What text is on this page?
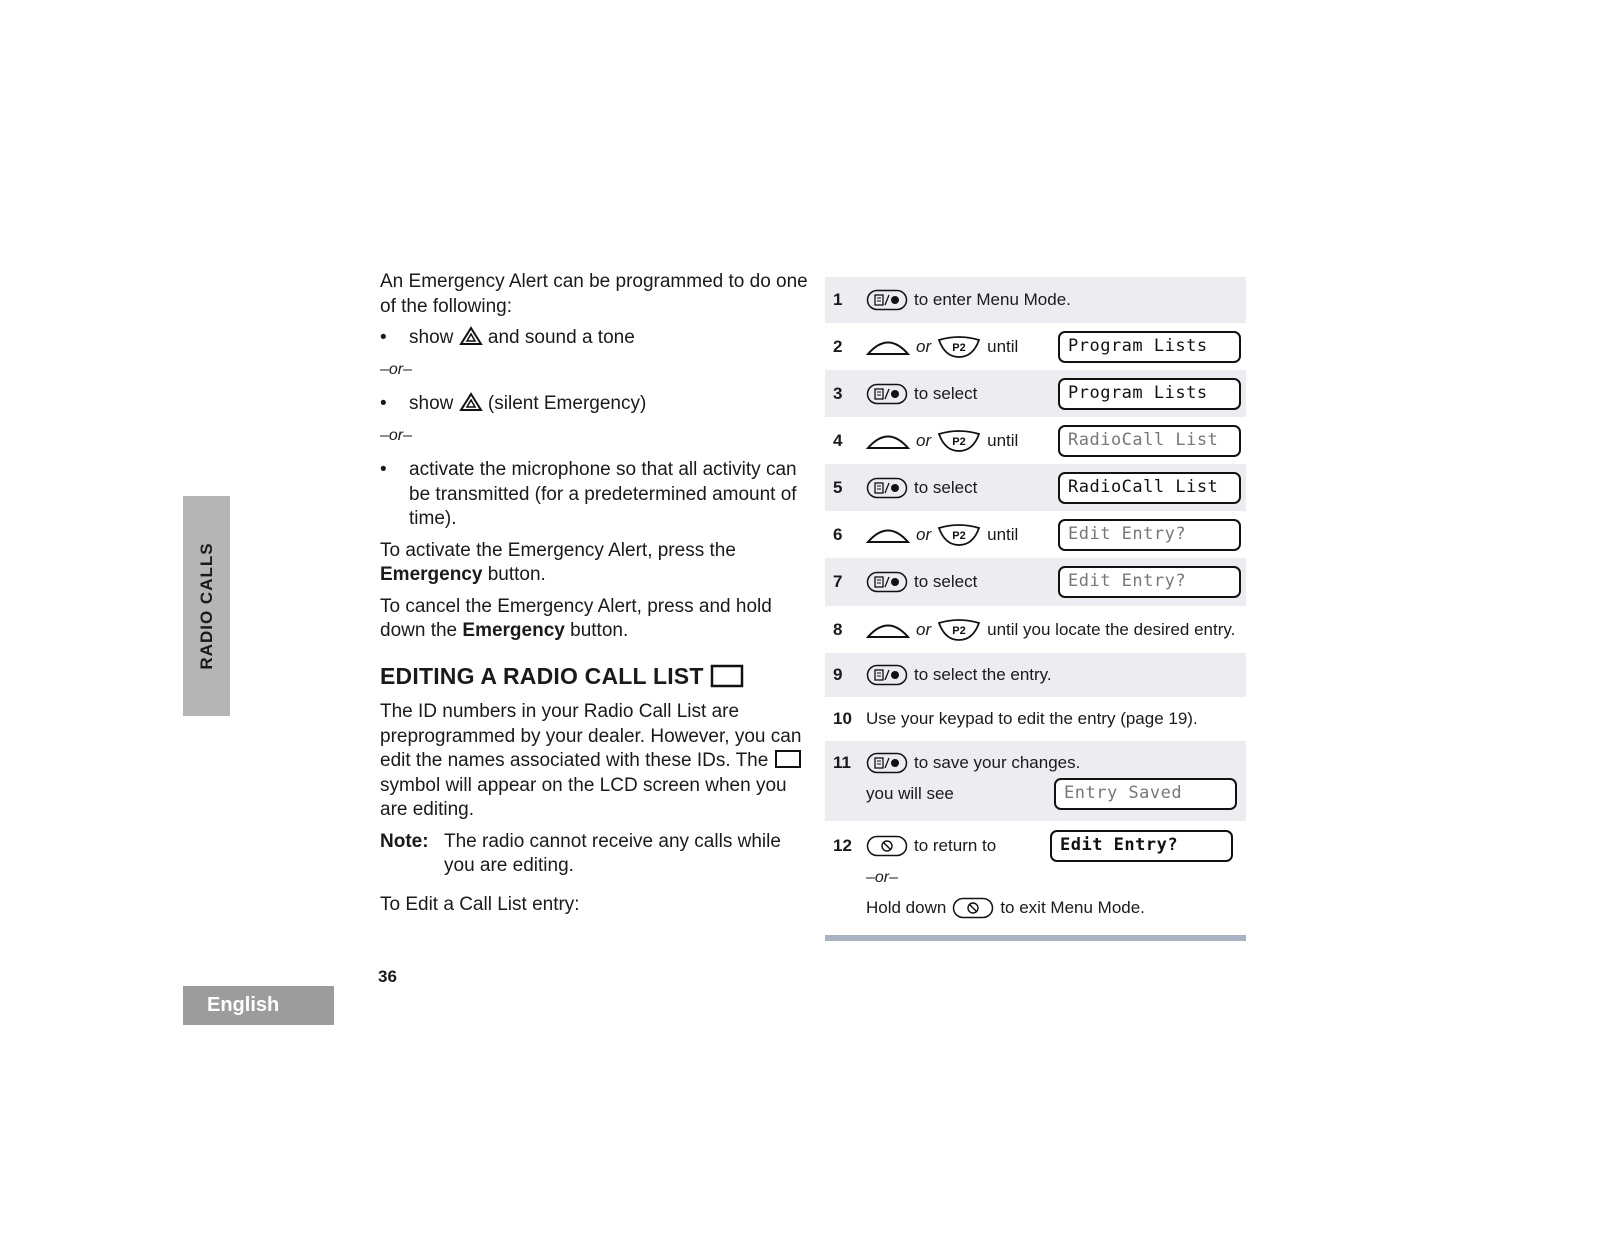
RADIO CALLS
English
36

An Emergency Alert can be programmed to do one of the following:

• show and sound a tone
–or–
• show (silent Emergency)
–or–
• activate the microphone so that all activity can be transmitted (for a predetermined amount of time).

To activate the Emergency Alert, press the Emergency button.

To cancel the Emergency Alert, press and hold down the Emergency button.

EDITING A RADIO CALL LIST

The ID numbers in your Radio Call List are preprogrammed by your dealer. However, you can edit the names associated with these IDs. The  symbol will appear on the LCD screen when you are editing.

Note: The radio cannot receive any calls while you are editing.

To Edit a Call List entry:

1	to enter Menu Mode.
2	or P2 until	Program Lists
3	to select	Program Lists
4	or P2 until	RadioCall List
5	to select	RadioCall List
6	or P2 until	Edit Entry?
7	to select	Edit Entry?
8	or P2 until you locate the desired entry.
9	to select the entry.
10 Use your keypad to edit the entry (page 19).
11	to save your changes.
you will see	Entry Saved
12	to return to	Edit Entry?
–or–
Hold down	to exit Menu Mode.
